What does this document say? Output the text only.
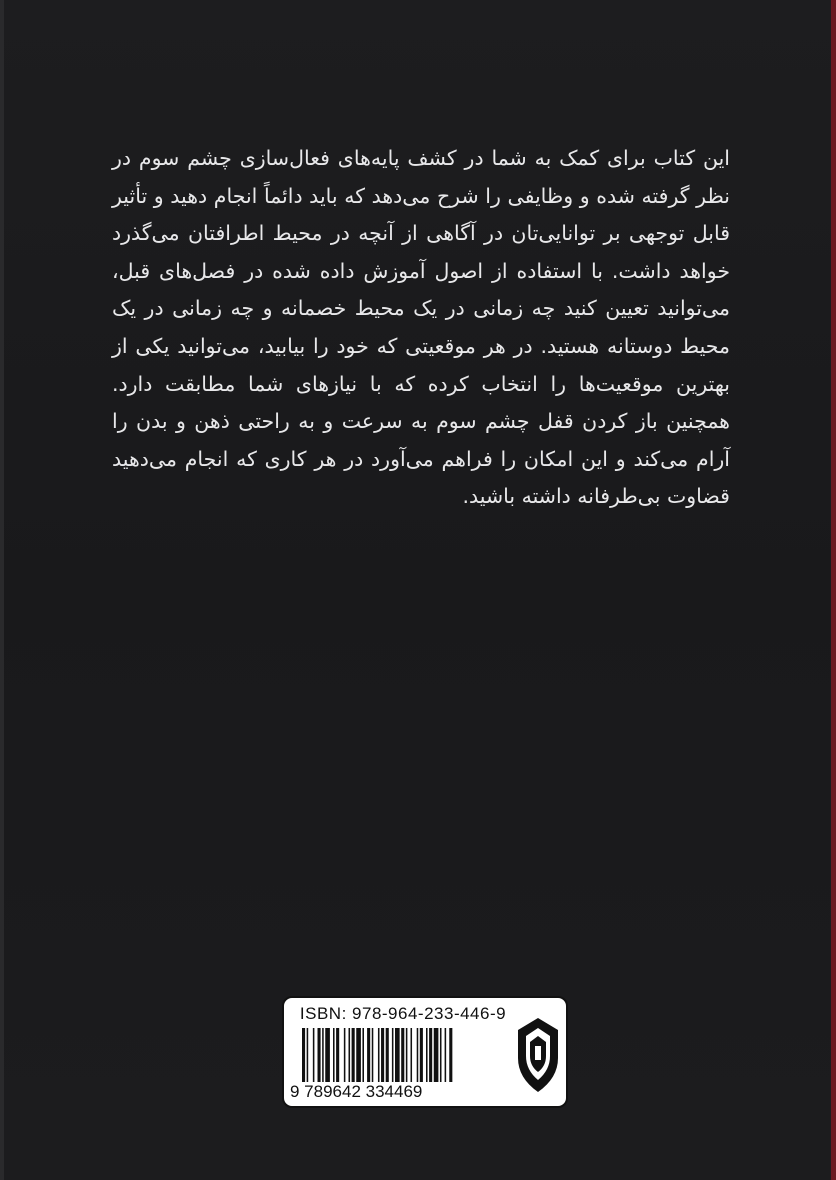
این کتاب برای کمک به شما در کشف پایه‌های فعال‌سازی چشم سوم در نظر گرفته شده و وظایفی را شرح می‌دهد که باید دائماً انجام دهید و تأثیر قابل توجهی بر توانایی‌تان در آگاهی از آنچه در محیط اطرافتان می‌گذرد خواهد داشت. با استفاده از اصول آموزش داده شده در فصل‌های قبل، می‌توانید تعیین کنید چه زمانی در یک محیط خصمانه و چه زمانی در یک محیط دوستانه هستید. در هر موقعیتی که خود را بیابید، می‌توانید یکی از بهترین موقعیت‌ها را انتخاب کرده که با نیازهای شما مطابقت دارد. همچنین باز کردن قفل چشم سوم به سرعت و به راحتی ذهن و بدن را آرام می‌کند و این امکان را فراهم می‌آورد در هر کاری که انجام می‌دهید قضاوت بی‌طرفانه داشته باشید.

ISBN: 978-964-233-446-9
9 789642 334469
